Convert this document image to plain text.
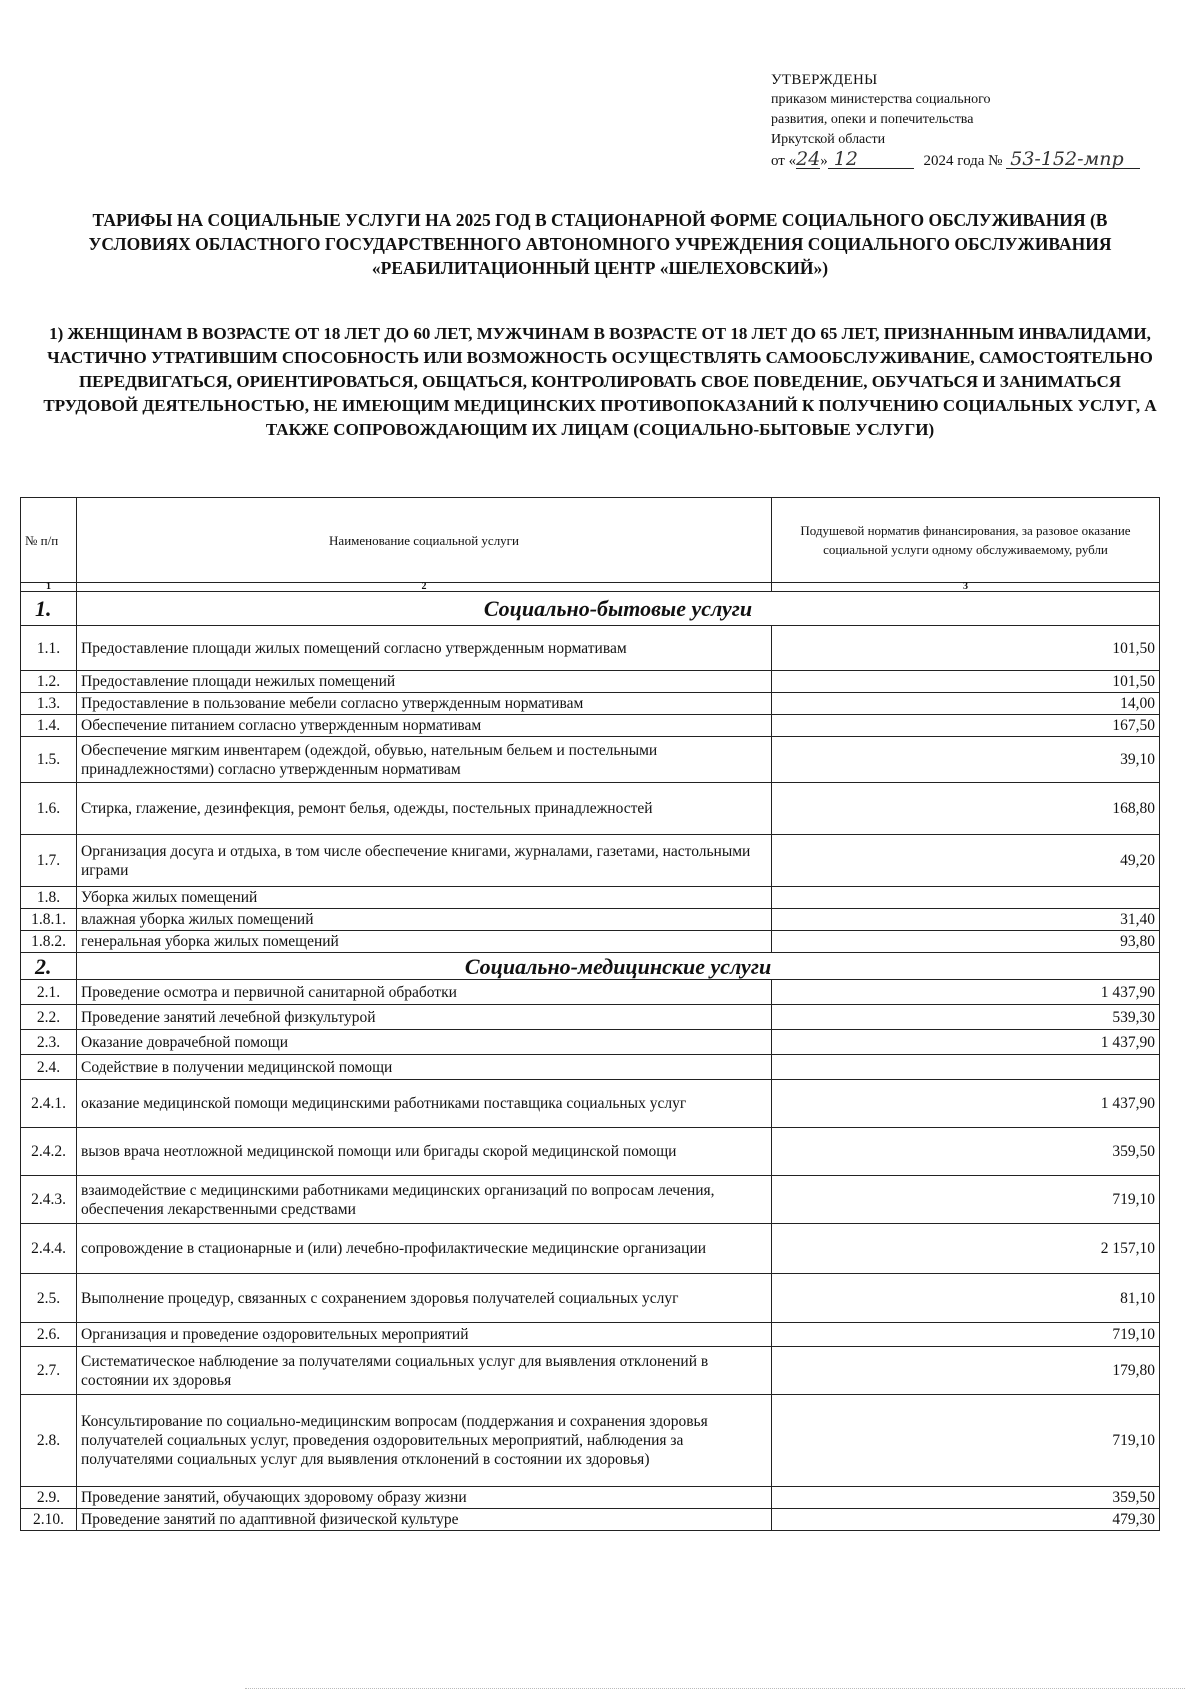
УТВЕРЖДЕНЫ
приказом министерства социального
развития, опеки и попечительства
Иркутской области
от «24» 12	2024 года № 53-152-мпр
ТАРИФЫ НА СОЦИАЛЬНЫЕ УСЛУГИ НА 2025 ГОД В СТАЦИОНАРНОЙ ФОРМЕ СОЦИАЛЬНОГО ОБСЛУЖИВАНИЯ (В УСЛОВИЯХ ОБЛАСТНОГО ГОСУДАРСТВЕННОГО АВТОНОМНОГО УЧРЕЖДЕНИЯ СОЦИАЛЬНОГО ОБСЛУЖИВАНИЯ «РЕАБИЛИТАЦИОННЫЙ ЦЕНТР «ШЕЛЕХОВСКИЙ»)
1) ЖЕНЩИНАМ В ВОЗРАСТЕ ОТ 18 ЛЕТ ДО 60 ЛЕТ, МУЖЧИНАМ В ВОЗРАСТЕ ОТ 18 ЛЕТ ДО 65 ЛЕТ, ПРИЗНАННЫМ ИНВАЛИДАМИ, ЧАСТИЧНО УТРАТИВШИМ СПОСОБНОСТЬ ИЛИ ВОЗМОЖНОСТЬ ОСУЩЕСТВЛЯТЬ САМООБСЛУЖИВАНИЕ, САМОСТОЯТЕЛЬНО ПЕРЕДВИГАТЬСЯ, ОРИЕНТИРОВАТЬСЯ, ОБЩАТЬСЯ, КОНТРОЛИРОВАТЬ СВОЕ ПОВЕДЕНИЕ, ОБУЧАТЬСЯ И ЗАНИМАТЬСЯ ТРУДОВОЙ ДЕЯТЕЛЬНОСТЬЮ, НЕ ИМЕЮЩИМ МЕДИЦИНСКИХ ПРОТИВОПОКАЗАНИЙ К ПОЛУЧЕНИЮ СОЦИАЛЬНЫХ УСЛУГ, А ТАКЖЕ СОПРОВОЖДАЮЩИМ ИХ ЛИЦАМ (СОЦИАЛЬНО-БЫТОВЫЕ УСЛУГИ)
№ п/п	Наименование социальной услуги	Подушевой норматив финансирования, за разовое оказание социальной услуги одному обслуживаемому, рубли
1	2	3
1.	Социально-бытовые услуги	
1.1.	Предоставление площади жилых помещений согласно утвержденным нормативам	101,50
1.2.	Предоставление площади нежилых помещений	101,50
1.3.	Предоставление в пользование мебели согласно утвержденным нормативам	14,00
1.4.	Обеспечение питанием согласно утвержденным нормативам	167,50
1.5.	Обеспечение мягким инвентарем (одеждой, обувью, нательным бельем и постельными принадлежностями) согласно утвержденным нормативам	39,10
1.6.	Стирка, глажение, дезинфекция, ремонт белья, одежды, постельных принадлежностей	168,80
1.7.	Организация досуга и отдыха, в том числе обеспечение книгами, журналами, газетами, настольными играми	49,20
1.8.	Уборка жилых помещений	
1.8.1.	влажная уборка жилых помещений	31,40
1.8.2.	генеральная уборка жилых помещений	93,80
2.	Социально-медицинские услуги	
2.1.	Проведение осмотра и первичной санитарной обработки	1 437,90
2.2.	Проведение занятий лечебной физкультурой	539,30
2.3.	Оказание доврачебной помощи	1 437,90
2.4.	Содействие в получении медицинской помощи	
2.4.1.	оказание медицинской помощи медицинскими работниками поставщика социальных услуг	1 437,90
2.4.2.	вызов врача неотложной медицинской помощи или бригады скорой медицинской помощи	359,50
2.4.3.	взаимодействие с медицинскими работниками медицинских организаций по вопросам лечения, обеспечения лекарственными средствами	719,10
2.4.4.	сопровождение в стационарные и (или) лечебно-профилактические медицинские организации	2 157,10
2.5.	Выполнение процедур, связанных с сохранением здоровья получателей социальных услуг	81,10
2.6.	Организация и проведение оздоровительных мероприятий	719,10
2.7.	Систематическое наблюдение за получателями социальных услуг для выявления отклонений в состоянии их здоровья	179,80
2.8.	Консультирование по социально-медицинским вопросам (поддержания и сохранения здоровья получателей социальных услуг, проведения оздоровительных мероприятий, наблюдения за получателями социальных услуг для выявления отклонений в состоянии их здоровья)	719,10
2.9.	Проведение занятий, обучающих здоровому образу жизни	359,50
2.10.	Проведение занятий по адаптивной физической культуре	479,30
